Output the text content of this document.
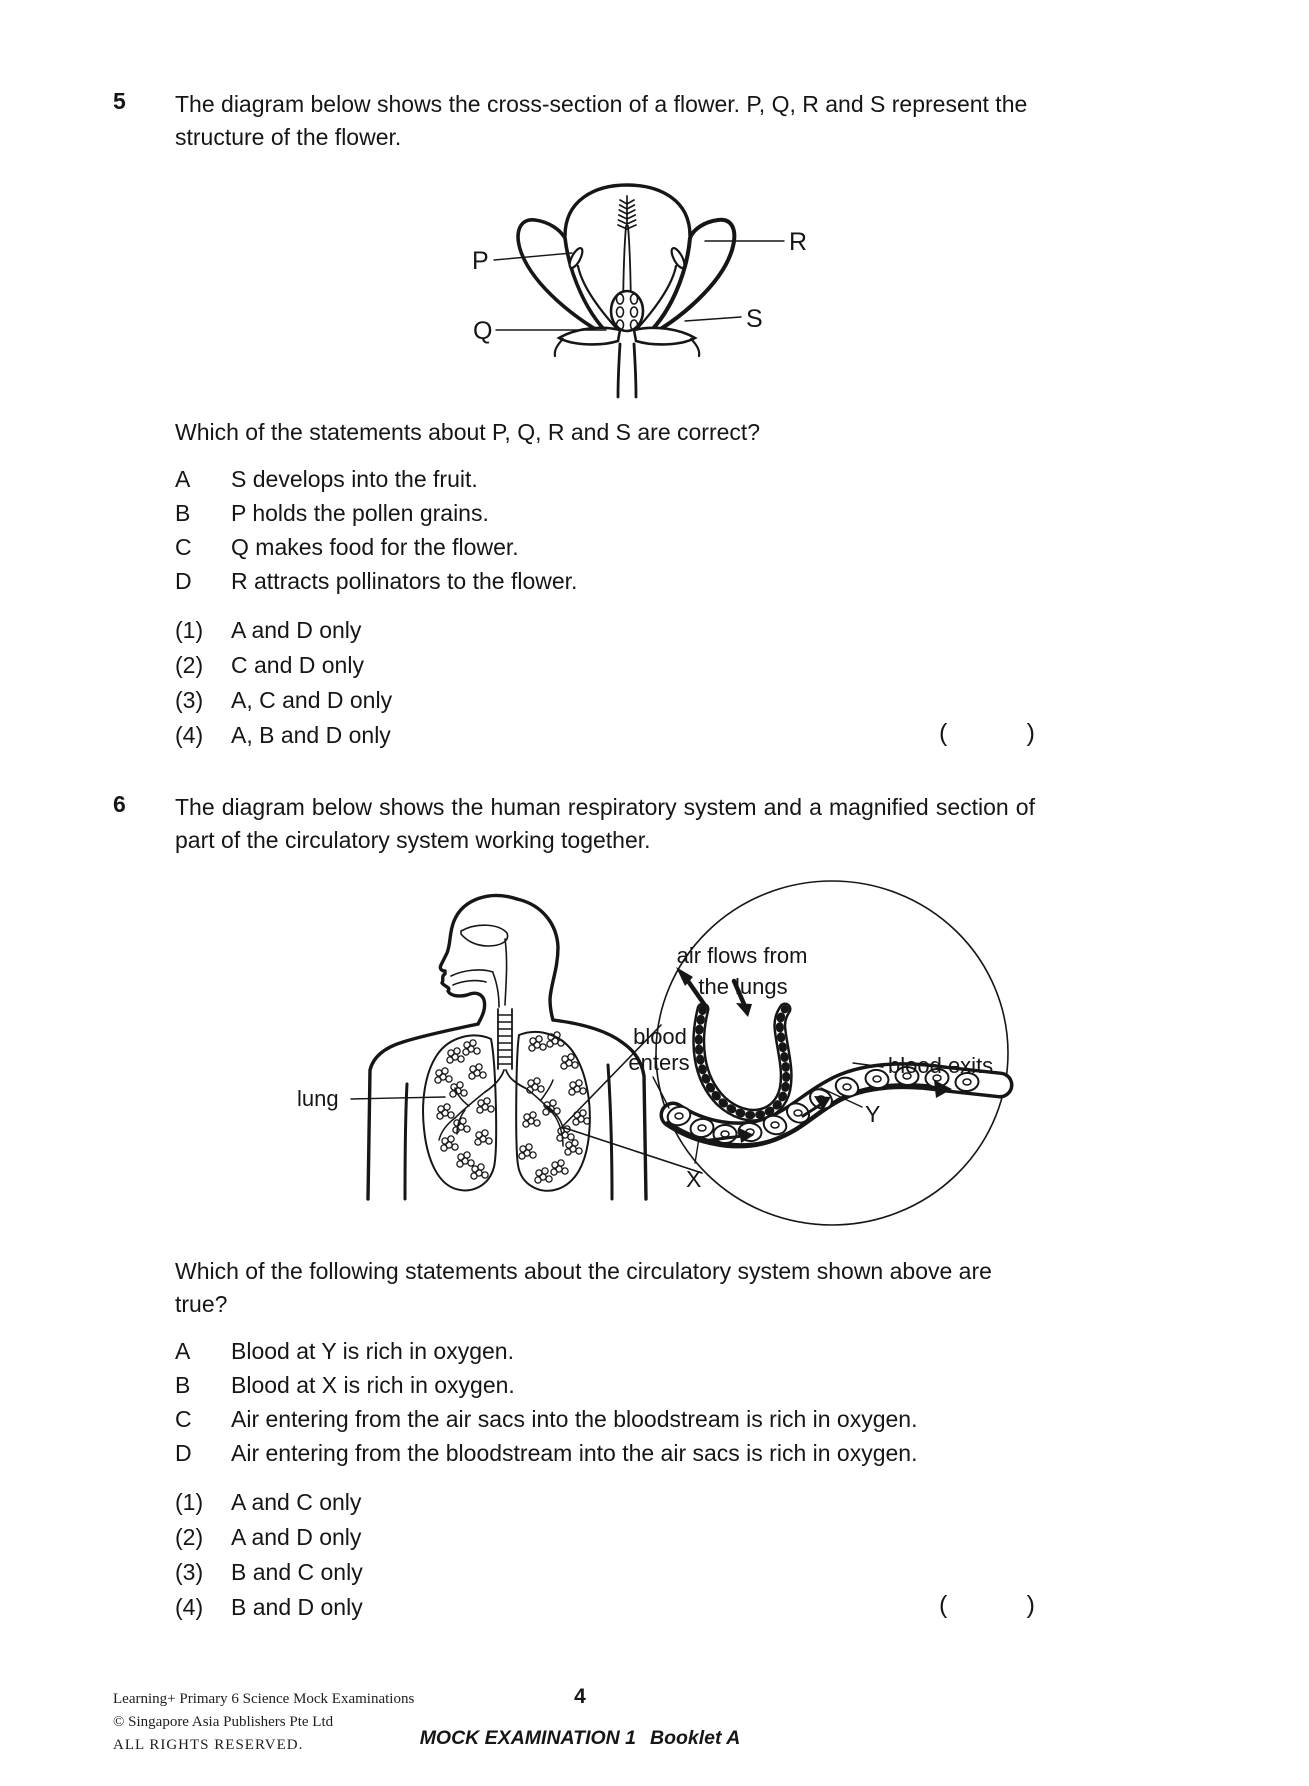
5	The diagram below shows the cross-section of a flower. P, Q, R and S represent the structure of the flower.
P
Q
R
S
Which of the statements about P, Q, R and S are correct?
A	S develops into the fruit.
B	P holds the pollen grains.
C	Q makes food for the flower.
D	R attracts pollinators to the flower.
(1)	A and D only
(2)	C and D only
(3)	A, C and D only
(4)	A, B and D only	(	)
6	The diagram below shows the human respiratory system and a magnified section of part of the circulatory system working together.
lung
air flows from
the lungs
blood
enters	blood exits
Y
X
Which of the following statements about the circulatory system shown above are true?
A	Blood at Y is rich in oxygen.
B	Blood at X is rich in oxygen.
C	Air entering from the air sacs into the bloodstream is rich in oxygen.
D	Air entering from the bloodstream into the air sacs is rich in oxygen.
(1)	A and C only
(2)	A and D only
(3)	B and C only
(4)	B and D only	(	)
Learning+ Primary 6 Science Mock Examinations
© Singapore Asia Publishers Pte Ltd
ALL RIGHTS RESERVED.
4
MOCK EXAMINATION 1 Booklet A
